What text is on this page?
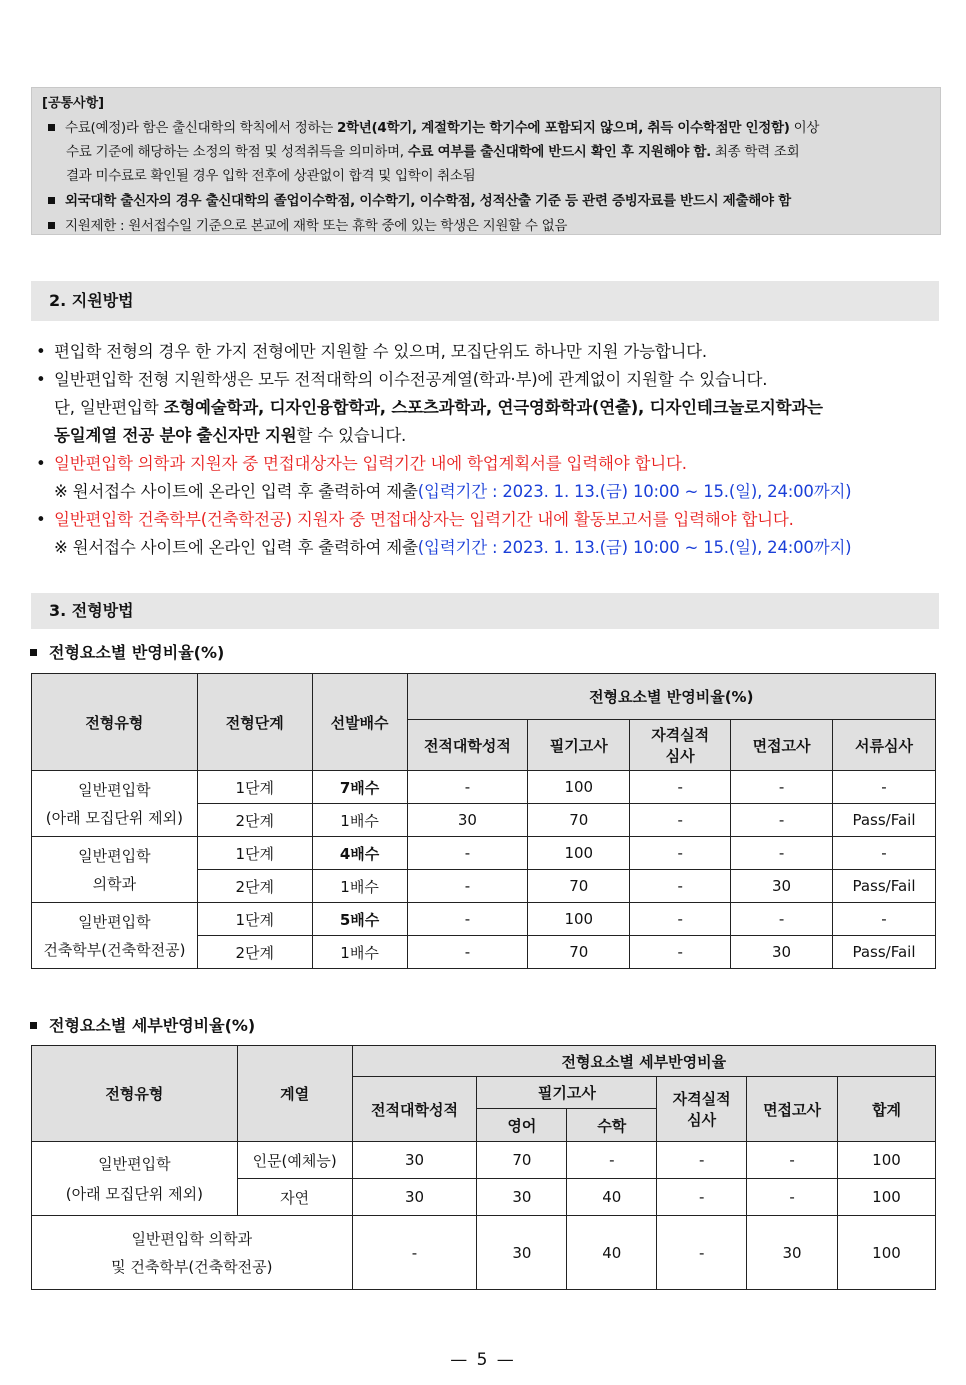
[공통사항]
수료(예정)라 함은 출신대학의 학칙에서 정하는 2학년(4학기, 계절학기는 학기수에 포함되지 않으며, 취득 이수학점만 인정함) 이상
수료 기준에 해당하는 소정의 학점 및 성적취득을 의미하며, 수료 여부를 출신대학에 반드시 확인 후 지원해야 함. 최종 학력 조회
결과 미수료로 확인될 경우 입학 전후에 상관없이 합격 및 입학이 취소됨
외국대학 출신자의 경우 출신대학의 졸업이수학점, 이수학기, 이수학점, 성적산출 기준 등 관련 증빙자료를 반드시 제출해야 함
지원제한 : 원서접수일 기준으로 본교에 재학 또는 휴학 중에 있는 학생은 지원할 수 없음
2. 지원방법
• 편입학 전형의 경우 한 가지 전형에만 지원할 수 있으며, 모집단위도 하나만 지원 가능합니다.
• 일반편입학 전형 지원학생은 모두 전적대학의 이수전공계열(학과·부)에 관계없이 지원할 수 있습니다.
단, 일반편입학 조형예술학과, 디자인융합학과, 스포츠과학과, 연극영화학과(연출), 디자인테크놀로지학과는
동일계열 전공 분야 출신자만 지원할 수 있습니다.
• 일반편입학 의학과 지원자 중 면접대상자는 입력기간 내에 학업계획서를 입력해야 합니다.
※ 원서접수 사이트에 온라인 입력 후 출력하여 제출(입력기간 : 2023. 1. 13.(금) 10:00 ~ 15.(일), 24:00까지)
• 일반편입학 건축학부(건축학전공) 지원자 중 면접대상자는 입력기간 내에 활동보고서를 입력해야 합니다.
※ 원서접수 사이트에 온라인 입력 후 출력하여 제출(입력기간 : 2023. 1. 13.(금) 10:00 ~ 15.(일), 24:00까지)
3. 전형방법
전형요소별 반영비율(%)
전형유형	전형단계	선발배수	전형요소별 반영비율(%)				
			전적대학성적	필기고사	자격실적
심사	면접고사	서류심사
일반편입학
(아래 모집단위 제외)	1단계	7배수	-	100	-	-	-
	2단계	1배수	30	70	-	-	Pass/Fail
일반편입학
의학과	1단계	4배수	-	100	-	-	-
	2단계	1배수	-	70	-	30	Pass/Fail
일반편입학
건축학부(건축학전공)	1단계	5배수	-	100	-	-	-
	2단계	1배수	-	70	-	30	Pass/Fail
전형요소별 세부반영비율(%)
전형유형	계열	전형요소별 세부반영비율					
		전적대학성적	필기고사		자격실적
심사	면접고사	합계
			영어	수학			
일반편입학
(아래 모집단위 제외)	인문(예체능)	30	70	-	-	-	100
	자연	30	30	40	-	-	100
일반편입학 의학과
및 건축학부(건축학전공)		-	30	40	-	30	100
— 5 —
